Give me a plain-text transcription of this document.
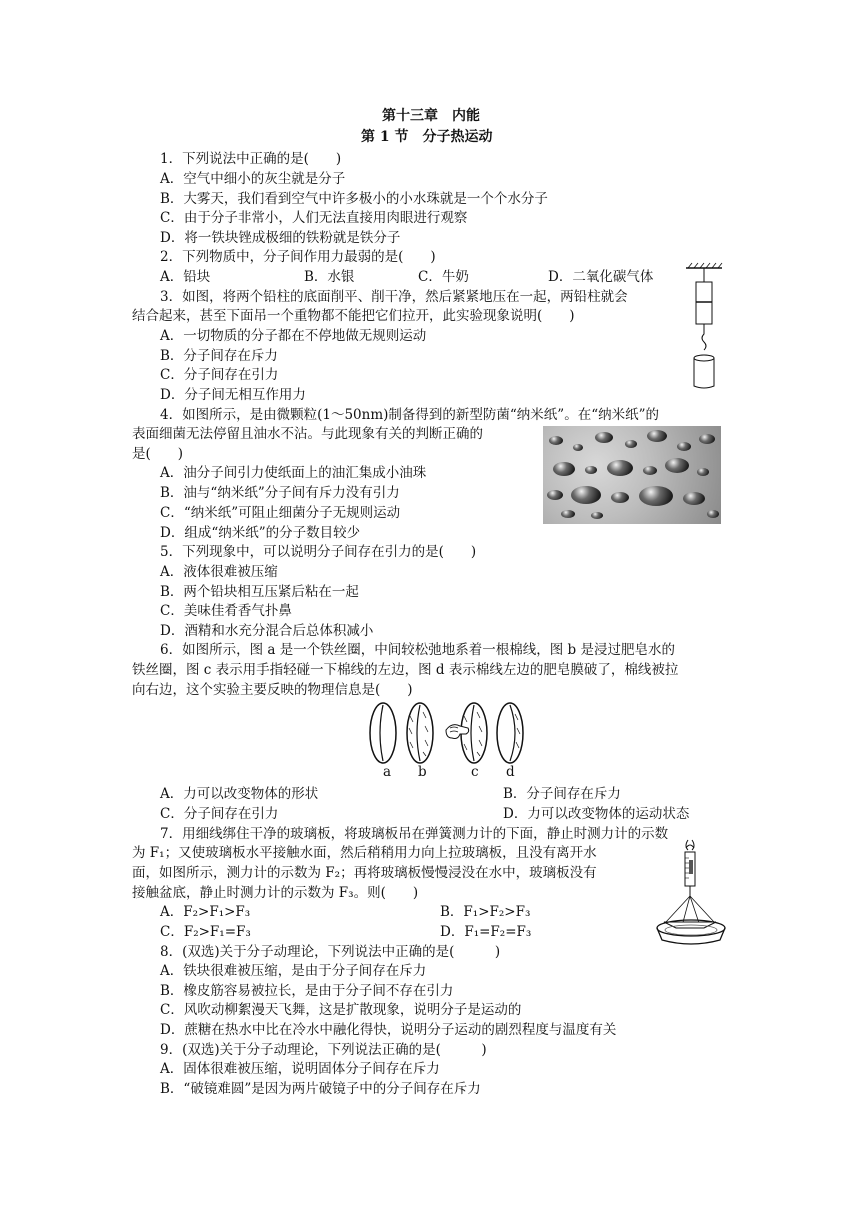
第十三章　内能
第 1 节　分子热运动
1．下列说法中正确的是(　　)
A．空气中细小的灰尘就是分子
B．大雾天，我们看到空气中许多极小的小水珠就是一个个水分子
C．由于分子非常小，人们无法直接用肉眼进行观察
D．将一铁块锉成极细的铁粉就是铁分子
2．下列物质中，分子间作用力最弱的是(　　)
A．铅块	B．水银	C．牛奶	D．二氧化碳气体
3．如图，将两个铅柱的底面削平、削干净，然后紧紧地压在一起，两铅柱就会
结合起来，甚至下面吊一个重物都不能把它们拉开，此实验现象说明(　　)
A．一切物质的分子都在不停地做无规则运动
B．分子间存在斥力
C．分子间存在引力
D．分子间无相互作用力
4．如图所示，是由微颗粒(1～50nm)制备得到的新型防菌“纳米纸”。在“纳米纸”的
表面细菌无法停留且油水不沾。与此现象有关的判断正确的
是(　　)
A．油分子间引力使纸面上的油汇集成小油珠
B．油与“纳米纸”分子间有斥力没有引力
C．“纳米纸”可阻止细菌分子无规则运动
D．组成“纳米纸”的分子数目较少
5．下列现象中，可以说明分子间存在引力的是(　　)
A．液体很难被压缩
B．两个铅块相互压紧后粘在一起
C．美味佳肴香气扑鼻
D．酒精和水充分混合后总体积减小
6．如图所示，图 a 是一个铁丝圈，中间较松弛地系着一根棉线，图 b 是浸过肥皂水的
铁丝圈，图 c 表示用手指轻碰一下棉线的左边，图 d 表示棉线左边的肥皂膜破了，棉线被拉
向右边，这个实验主要反映的物理信息是(　　)
a b	c d
A．力可以改变物体的形状	B．分子间存在斥力
C．分子间存在引力	D．力可以改变物体的运动状态
7．用细线绑住干净的玻璃板，将玻璃板吊在弹簧测力计的下面，静止时测力计的示数
为 F₁；又使玻璃板水平接触水面，然后稍稍用力向上拉玻璃板，且没有离开水
面，如图所示，测力计的示数为 F₂；再将玻璃板慢慢浸没在水中，玻璃板没有
接触盆底，静止时测力计的示数为 F₃。则(　　)
A．F₂>F₁>F₃	B．F₁>F₂>F₃
C．F₂>F₁=F₃	D．F₁=F₂=F₃
8．(双选)关于分子动理论，下列说法中正确的是(　　　)
A．铁块很难被压缩，是由于分子间存在斥力
B．橡皮筋容易被拉长，是由于分子间不存在引力
C．风吹动柳絮漫天飞舞，这是扩散现象，说明分子是运动的
D．蔗糖在热水中比在冷水中融化得快，说明分子运动的剧烈程度与温度有关
9．(双选)关于分子动理论，下列说法正确的是(　　　)
A．固体很难被压缩，说明固体分子间存在斥力
B．“破镜难圆”是因为两片破镜子中的分子间存在斥力
